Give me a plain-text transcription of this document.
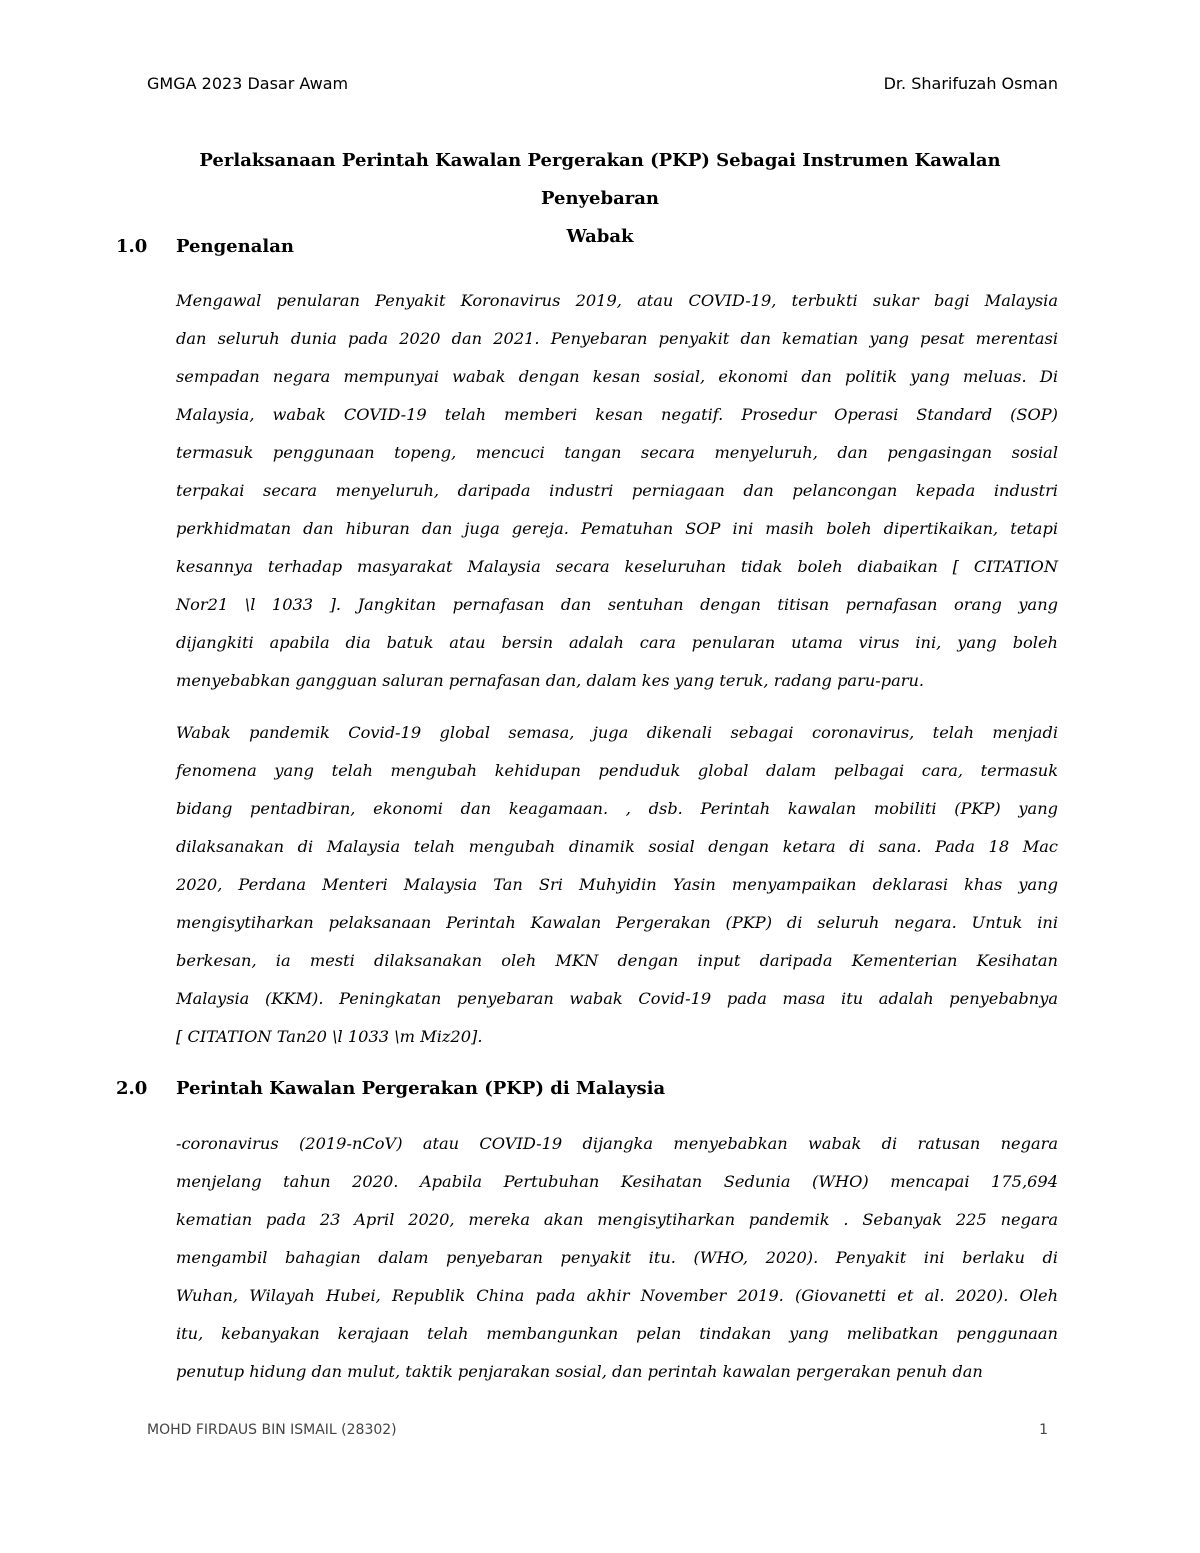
GMGA 2023 Dasar Awam	Dr. Sharifuzah Osman
Perlaksanaan Perintah Kawalan Pergerakan (PKP) Sebagai Instrumen Kawalan Penyebaran
Wabak
1.0	Pengenalan

Mengawal penularan Penyakit Koronavirus 2019, atau COVID-19, terbukti sukar bagi Malaysia
dan seluruh dunia pada 2020 dan 2021. Penyebaran penyakit dan kematian yang pesat merentasi
sempadan negara mempunyai wabak dengan kesan sosial, ekonomi dan politik yang meluas. Di
Malaysia, wabak COVID-19 telah memberi kesan negatif. Prosedur Operasi Standard (SOP)
termasuk penggunaan topeng, mencuci tangan secara menyeluruh, dan pengasingan sosial
terpakai secara menyeluruh, daripada industri perniagaan dan pelancongan kepada industri
perkhidmatan dan hiburan dan juga gereja. Pematuhan SOP ini masih boleh dipertikaikan, tetapi
kesannya terhadap masyarakat Malaysia secara keseluruhan tidak boleh diabaikan [ CITATION
Nor21 \l 1033 ]. Jangkitan pernafasan dan sentuhan dengan titisan pernafasan orang yang
dijangkiti apabila dia batuk atau bersin adalah cara penularan utama virus ini, yang boleh
menyebabkan gangguan saluran pernafasan dan, dalam kes yang teruk, radang paru-paru.

Wabak pandemik Covid-19 global semasa, juga dikenali sebagai coronavirus, telah menjadi
fenomena yang telah mengubah kehidupan penduduk global dalam pelbagai cara, termasuk
bidang pentadbiran, ekonomi dan keagamaan. , dsb. Perintah kawalan mobiliti (PKP) yang
dilaksanakan di Malaysia telah mengubah dinamik sosial dengan ketara di sana. Pada 18 Mac
2020, Perdana Menteri Malaysia Tan Sri Muhyidin Yasin menyampaikan deklarasi khas yang
mengisytiharkan pelaksanaan Perintah Kawalan Pergerakan (PKP) di seluruh negara. Untuk ini
berkesan, ia mesti dilaksanakan oleh MKN dengan input daripada Kementerian Kesihatan
Malaysia (KKM). Peningkatan penyebaran wabak Covid-19 pada masa itu adalah penyebabnya
[ CITATION Tan20 \l 1033 \m Miz20].

2.0	Perintah Kawalan Pergerakan (PKP) di Malaysia

-coronavirus (2019-nCoV) atau COVID-19 dijangka menyebabkan wabak di ratusan negara
menjelang tahun 2020. Apabila Pertubuhan Kesihatan Sedunia (WHO) mencapai 175,694
kematian pada 23 April 2020, mereka akan mengisytiharkan pandemik . Sebanyak 225 negara
mengambil bahagian dalam penyebaran penyakit itu. (WHO, 2020). Penyakit ini berlaku di
Wuhan, Wilayah Hubei, Republik China pada akhir November 2019. (Giovanetti et al. 2020). Oleh
itu, kebanyakan kerajaan telah membangunkan pelan tindakan yang melibatkan penggunaan
penutup hidung dan mulut, taktik penjarakan sosial, dan perintah kawalan pergerakan penuh dan

MOHD FIRDAUS BIN ISMAIL (28302)	1
